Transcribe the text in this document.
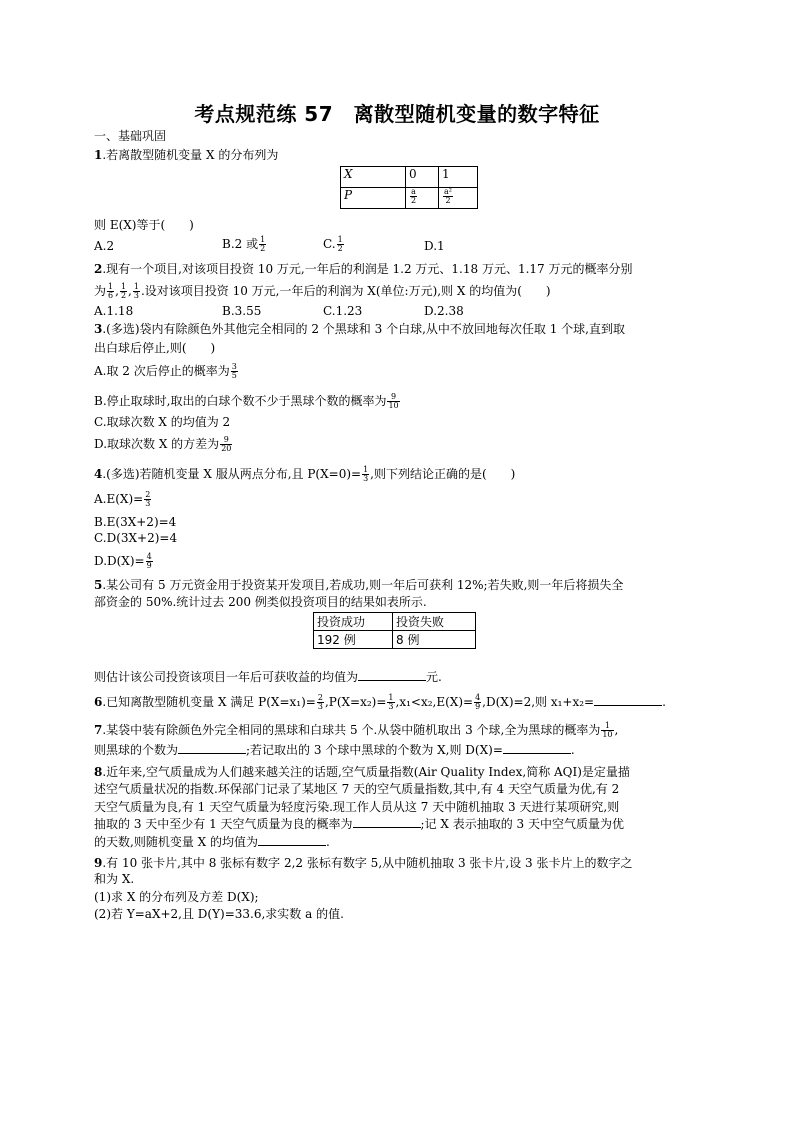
考点规范练 57　离散型随机变量的数字特征
一、基础巩固
1.若离散型随机变量 X 的分布列为
X	0	1
P	$\frac{a}{2}$	$\frac{\text{a²}}{2}$
则 E(X)等于(　　)
A.2	B.2 或 $\frac{1}{2}$	C. $\frac{1}{2}$	D.1
2.现有一个项目,对该项目投资 10 万元,一年后的利润是 1.2 万元、1.18 万元、1.17 万元的概率分别
为 $\frac{1}{6}$ , $\frac{1}{2}$ , $\frac{1}{3}$ .设对该项目投资 10 万元,一年后的利润为 X(单位:万元),则 X 的均值为(　　)
A.1.18	B.3.55	C.1.23	D.2.38
3.(多选)袋内有除颜色外其他完全相同的 2 个黑球和 3 个白球,从中不放回地每次任取 1 个球,直到取
出白球后停止,则(　　)
A.取 2 次后停止的概率为 $\frac{3}{5}$
B.停止取球时,取出的白球个数不少于黑球个数的概率为 $\frac{9}{10}$
C.取球次数 X 的均值为 2
D.取球次数 X 的方差为 $\frac{9}{20}$
4.(多选)若随机变量 X 服从两点分布,且 $P(X=0)= \frac{1}{3}$ ,则下列结论正确的是(　　)
$A.E(X)= \frac{2}{3}$
B.E(3X+2)=4
C.D(3X+2)=4
$D.D(X)= \frac{4}{9}$
5.某公司有 5 万元资金用于投资某开发项目,若成功,则一年后可获利 12%;若失败,则一年后将损失全
部资金的 50%.统计过去 200 例类似投资项目的结果如表所示.
投资成功	投资失败
192 例	8 例
则估计该公司投资该项目一年后可获收益的均值为	元.
6.已知离散型随机变量 X 满足 $P(X=x_1)= \frac{2}{3} ,P(X=x_2)= \frac{1}{3} ,x_1<x_2,E(X)= \frac{4}{9} ,D(X)=2$,则 x₁+x₂=	.
7.某袋中装有除颜色外完全相同的黑球和白球共 5 个.从袋中随机取出 3 个球,全为黑球的概率为 $\frac{1}{10}$ ,
则黑球的个数为	;若记取出的 3 个球中黑球的个数为 X,则 D(X)=	.
8.近年来,空气质量成为人们越来越关注的话题,空气质量指数(Air Quality Index,简称 AQI)是定量描
述空气质量状况的指数.环保部门记录了某地区 7 天的空气质量指数,其中,有 4 天空气质量为优,有 2
天空气质量为良,有 1 天空气质量为轻度污染.现工作人员从这 7 天中随机抽取 3 天进行某项研究,则
抽取的 3 天中至少有 1 天空气质量为良的概率为	;记 X 表示抽取的 3 天中空气质量为优
的天数,则随机变量 X 的均值为	.
9.有 10 张卡片,其中 8 张标有数字 2,2 张标有数字 5,从中随机抽取 3 张卡片,设 3 张卡片上的数字之
和为 X.
(1)求 X 的分布列及方差 D(X);
(2)若 Y=aX+2,且 D(Y)=33.6,求实数 a 的值.
